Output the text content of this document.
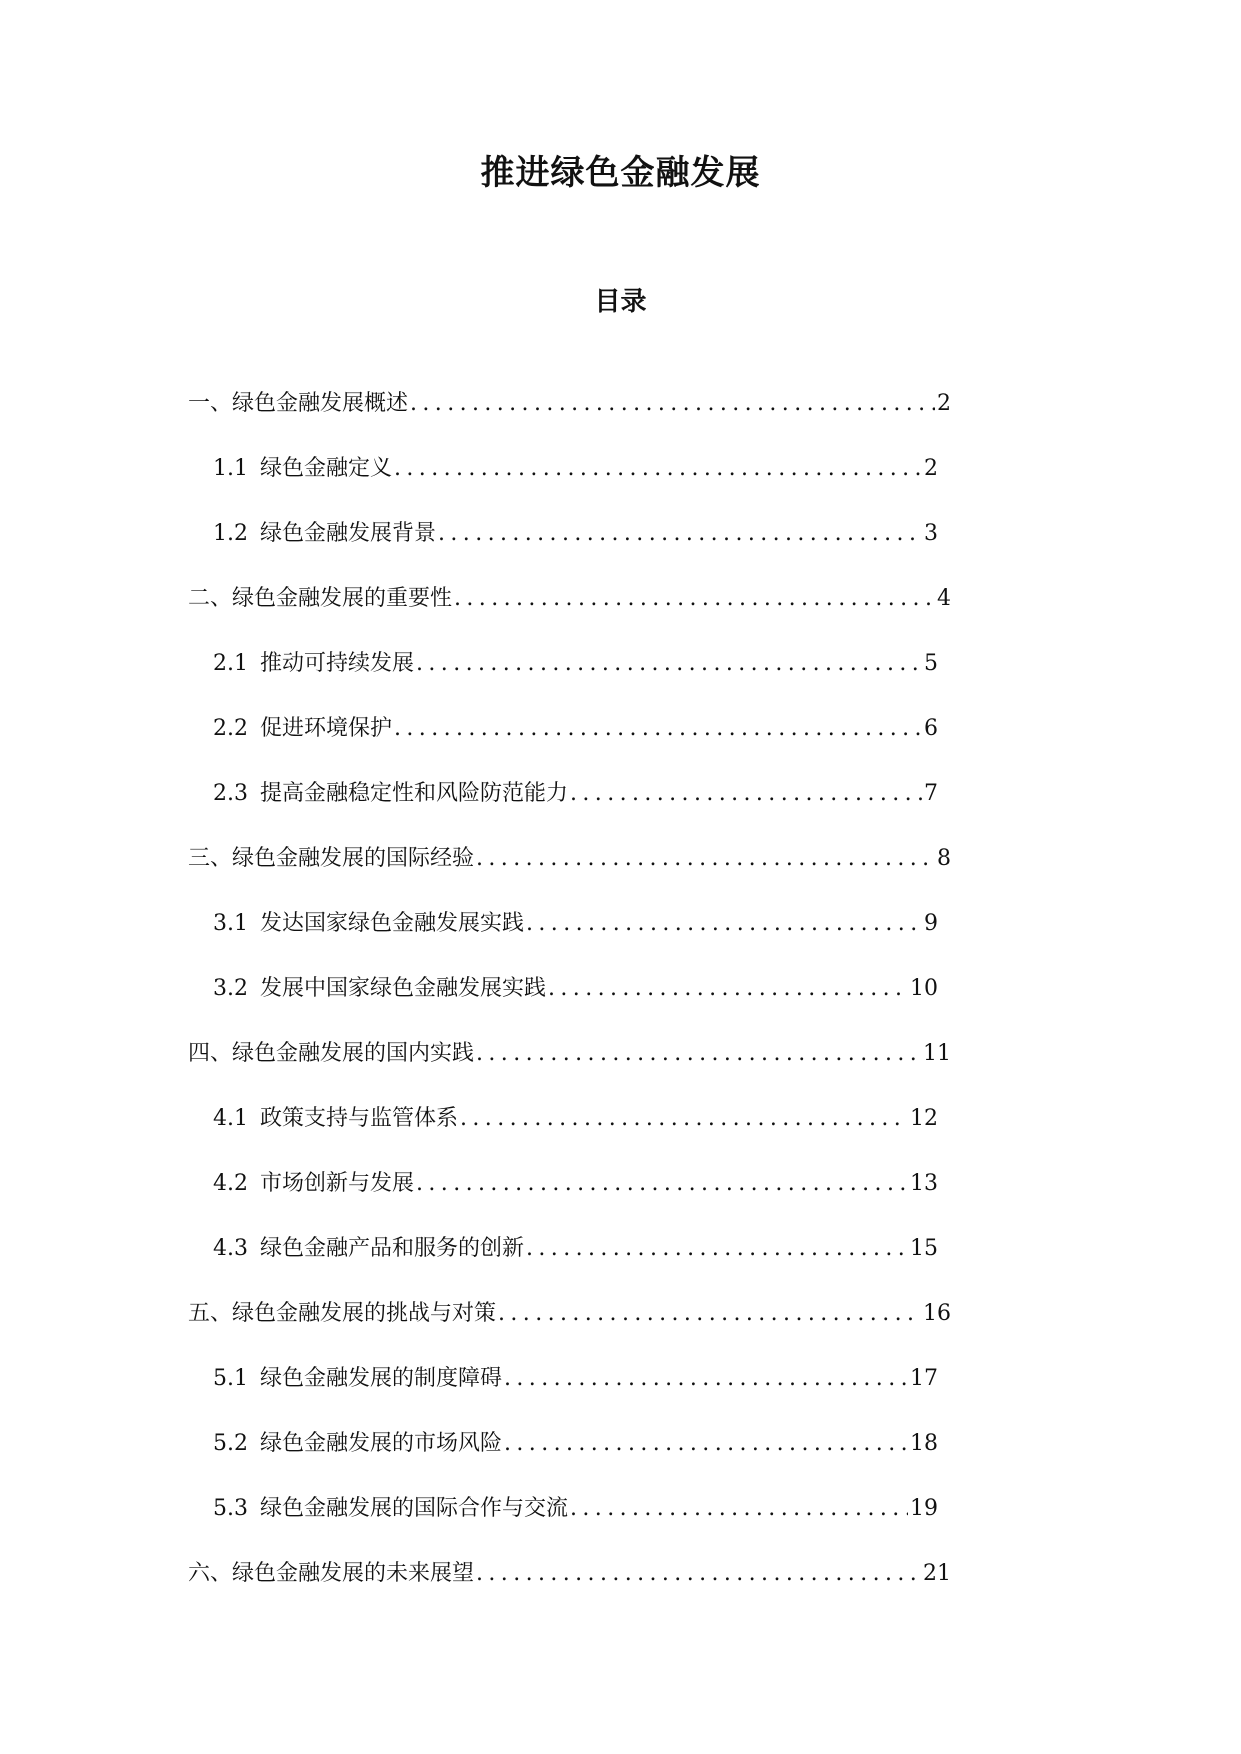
推进绿色金融发展
目录
一、绿色金融发展概述 .....	2
1.1 绿色金融定义 .....	2
1.2 绿色金融发展背景 .....	3
二、绿色金融发展的重要性 .....	4
2.1 推动可持续发展 .....	5
2.2 促进环境保护 .....	6
2.3 提高金融稳定性和风险防范能力 .....	7
三、绿色金融发展的国际经验 .....	8
3.1 发达国家绿色金融发展实践 .....	9
3.2 发展中国家绿色金融发展实践 .....	10
四、绿色金融发展的国内实践 .....	11
4.1 政策支持与监管体系 .....	12
4.2 市场创新与发展 .....	13
4.3 绿色金融产品和服务的创新 .....	15
五、绿色金融发展的挑战与对策 .....	16
5.1 绿色金融发展的制度障碍 .....	17
5.2 绿色金融发展的市场风险 .....	18
5.3 绿色金融发展的国际合作与交流 .....	19
六、绿色金融发展的未来展望 .....	21
